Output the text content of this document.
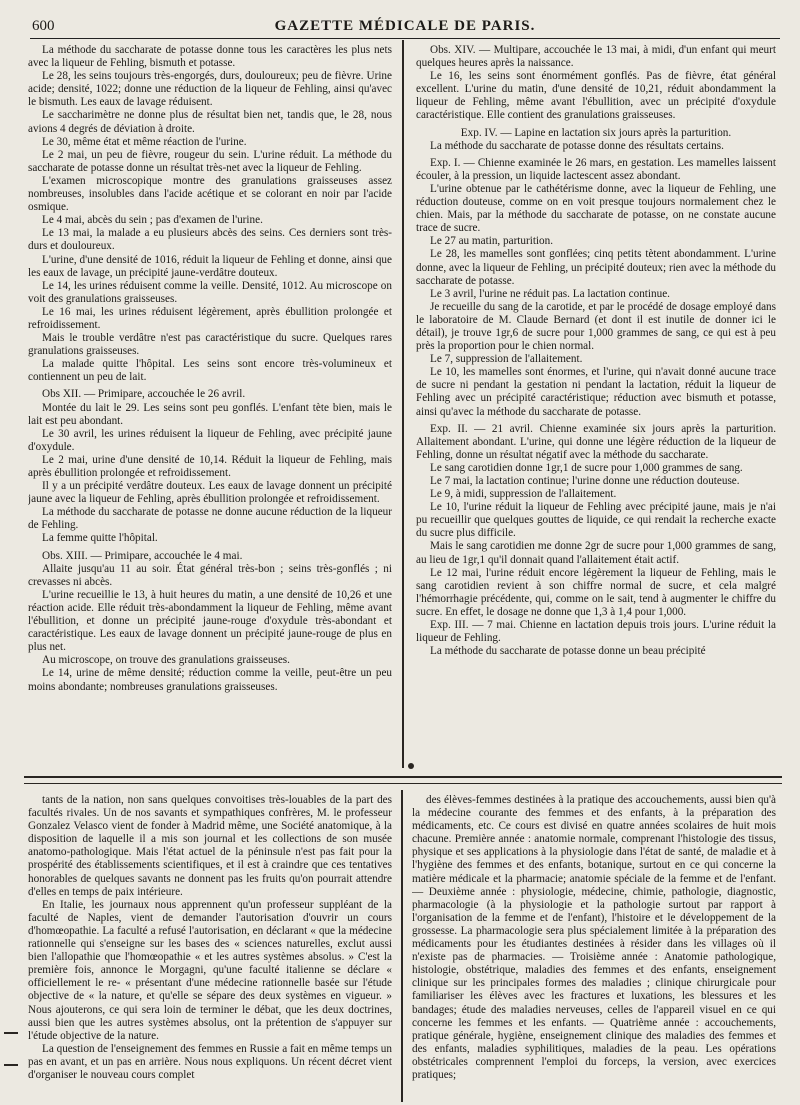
600	GAZETTE MÉDICALE DE PARIS.

La méthode du saccharate de potasse donne tous les caractères les plus nets avec la liqueur de Fehling, bismuth et potasse.

Le 28, les seins toujours très-engorgés, durs, douloureux; peu de fièvre. Urine acide; densité, 1022; donne une réduction de la liqueur de Fehling, ainsi qu'avec le bismuth. Les eaux de lavage réduisent.

Le saccharimètre ne donne plus de résultat bien net, tandis que, le 28, nous avions 4 degrés de déviation à droite.

Le 30, même état et même réaction de l'urine.

Le 2 mai, un peu de fièvre, rougeur du sein. L'urine réduit. La méthode du saccharate de potasse donne un résultat très-net avec la liqueur de Fehling.

L'examen microscopique montre des granulations graisseuses assez nombreuses, insolubles dans l'acide acétique et se colorant en noir par l'acide osmique.

Le 4 mai, abcès du sein ; pas d'examen de l'urine.

Le 13 mai, la malade a eu plusieurs abcès des seins. Ces derniers sont très-durs et douloureux.

L'urine, d'une densité de 1016, réduit la liqueur de Fehling et donne, ainsi que les eaux de lavage, un précipité jaune-verdâtre douteux.

Le 14, les urines réduisent comme la veille. Densité, 1012. Au microscope on voit des granulations graisseuses.

Le 16 mai, les urines réduisent légèrement, après ébullition prolongée et refroidissement.

Mais le trouble verdâtre n'est pas caractéristique du sucre. Quelques rares granulations graisseuses.

La malade quitte l'hôpital. Les seins sont encore très-volumineux et contiennent un peu de lait.

Obs XII. — Primipare, accouchée le 26 avril.

Montée du lait le 29. Les seins sont peu gonflés. L'enfant tète bien, mais le lait est peu abondant.

Le 30 avril, les urines réduisent la liqueur de Fehling, avec précipité jaune d'oxydule.

Le 2 mai, urine d'une densité de 10,14. Réduit la liqueur de Fehling, mais après ébullition prolongée et refroidissement.

Il y a un précipité verdâtre douteux. Les eaux de lavage donnent un précipité jaune avec la liqueur de Fehling, après ébullition prolongée et refroidissement.

La méthode du saccharate de potasse ne donne aucune réduction de la liqueur de Fehling.

La femme quitte l'hôpital.

Obs. XIII. — Primipare, accouchée le 4 mai.

Allaite jusqu'au 11 au soir. État général très-bon ; seins très-gonflés ; ni crevasses ni abcès.

L'urine recueillie le 13, à huit heures du matin, a une densité de 10,26 et une réaction acide. Elle réduit très-abondamment la liqueur de Fehling, même avant l'ébullition, et donne un précipité jaune-rouge d'oxydule très-abondant et caractéristique. Les eaux de lavage donnent un précipité jaune-rouge de plus en plus net.

Au microscope, on trouve des granulations graisseuses.

Le 14, urine de même densité; réduction comme la veille, peut-être un peu moins abondante; nombreuses granulations graisseuses.

Obs. XIV. — Multipare, accouchée le 13 mai, à midi, d'un enfant qui meurt quelques heures après la naissance.

Le 16, les seins sont énormément gonflés. Pas de fièvre, état général excellent. L'urine du matin, d'une densité de 10,21, réduit abondamment la liqueur de Fehling, même avant l'ébullition, avec un précipité d'oxydule caractéristique. Elle contient des granulations graisseuses.

Exp. IV. — Lapine en lactation six jours après la parturition.

La méthode du saccharate de potasse donne des résultats certains.

Exp. I. — Chienne examinée le 26 mars, en gestation. Les mamelles laissent écouler, à la pression, un liquide lactescent assez abondant.

L'urine obtenue par le cathétérisme donne, avec la liqueur de Fehling, une réduction douteuse, comme on en voit presque toujours normalement chez le chien. Mais, par la méthode du saccharate de potasse, on ne constate aucune trace de sucre.

Le 27 au matin, parturition.

Le 28, les mamelles sont gonflées; cinq petits tètent abondamment. L'urine donne, avec la liqueur de Fehling, un précipité douteux; rien avec la méthode du saccharate de potasse.

Le 3 avril, l'urine ne réduit pas. La lactation continue.

Je recueille du sang de la carotide, et par le procédé de dosage employé dans le laboratoire de M. Claude Bernard (et dont il est inutile de donner ici le détail), je trouve 1gr,6 de sucre pour 1,000 grammes de sang, ce qui est à peu près la proportion pour le chien normal.

Le 7, suppression de l'allaitement.

Le 10, les mamelles sont énormes, et l'urine, qui n'avait donné aucune trace de sucre ni pendant la gestation ni pendant la lactation, réduit la liqueur de Fehling avec un précipité caractéristique; réduction avec bismuth et potasse, ainsi qu'avec la méthode du saccharate de potasse.

Exp. II. — 21 avril. Chienne examinée six jours après la parturition. Allaitement abondant. L'urine, qui donne une légère réduction de la liqueur de Fehling, donne un résultat négatif avec la méthode du saccharate.

Le sang carotidien donne 1gr,1 de sucre pour 1,000 grammes de sang.

Le 7 mai, la lactation continue; l'urine donne une réduction douteuse.

Le 9, à midi, suppression de l'allaitement.

Le 10, l'urine réduit la liqueur de Fehling avec précipité jaune, mais je n'ai pu recueillir que quelques gouttes de liquide, ce qui rendait la recherche exacte du sucre plus difficile.

Mais le sang carotidien me donne 2gr de sucre pour 1,000 grammes de sang, au lieu de 1gr,1 qu'il donnait quand l'allaitement était actif.

Le 12 mai, l'urine réduit encore légèrement la liqueur de Fehling, mais le sang carotidien revient à son chiffre normal de sucre, et cela malgré l'hémorrhagie précédente, qui, comme on le sait, tend à augmenter le chiffre du sucre. En effet, le dosage ne donne que 1,3 à 1,4 pour 1,000.

Exp. III. — 7 mai. Chienne en lactation depuis trois jours. L'urine réduit la liqueur de Fehling.

La méthode du saccharate de potasse donne un beau précipité

tants de la nation, non sans quelques convoitises très-louables de la part des facultés rivales. Un de nos savants et sympathiques confrères, M. le professeur Gonzalez Velasco vient de fonder à Madrid même, une Société anatomique, à la disposition de laquelle il a mis son journal et les collections de son musée anatomo-pathologique. Mais l'état actuel de la péninsule n'est pas fait pour la prospérité des établissements scientifiques, et il est à craindre que ces tentatives honorables de quelques savants ne donnent pas les fruits qu'on pourrait attendre d'elles en temps de paix intérieure.

En Italie, les journaux nous apprennent qu'un professeur suppléant de la faculté de Naples, vient de demander l'autorisation d'ouvrir un cours d'homœopathie. La faculté a refusé l'autorisation, en déclarant « que la médecine rationnelle qui s'enseigne sur les bases des « sciences naturelles, exclut aussi bien l'allopathie que l'homœopathie « et les autres systèmes absolus. » C'est la première fois, annonce le Morgagni, qu'une faculté italienne se déclare « officiellement le re- « présentant d'une médecine rationnelle basée sur l'étude objective de « la nature, et qu'elle se sépare des deux systèmes en vigueur. » Nous ajouterons, ce qui sera loin de terminer le débat, que les deux doctrines, aussi bien que les autres systèmes absolus, ont la prétention de s'appuyer sur l'étude objective de la nature.

La question de l'enseignement des femmes en Russie a fait en même temps un pas en avant, et un pas en arrière. Nous nous expliquons. Un récent décret vient d'organiser le nouveau cours complet

des élèves-femmes destinées à la pratique des accouchements, aussi bien qu'à la médecine courante des femmes et des enfants, à la préparation des médicaments, etc. Ce cours est divisé en quatre années scolaires de huit mois chacune. Première année : anatomie normale, comprenant l'histologie des tissus, physique et ses applications à la physiologie dans l'état de santé, de maladie et à l'hygiène des femmes et des enfants, botanique, surtout en ce qui concerne la matière médicale et la pharmacie; anatomie spéciale de la femme et de l'enfant. — Deuxième année : physiologie, médecine, chimie, pathologie, diagnostic, pharmacologie (à la physiologie et la pathologie surtout par rapport à l'organisation de la femme et de l'enfant), l'histoire et le développement de la grossesse. La pharmacologie sera plus spécialement limitée à la préparation des médicaments pour les étudiantes destinées à résider dans les villages où il n'existe pas de pharmacies. — Troisième année : Anatomie pathologique, histologie, obstétrique, maladies des femmes et des enfants, enseignement clinique sur les principales formes des maladies ; clinique chirurgicale pour familiariser les élèves avec les fractures et luxations, les blessures et les bandages; étude des maladies nerveuses, celles de l'appareil visuel en ce qui concerne les femmes et les enfants. — Quatrième année : accouchements, pratique générale, hygiène, enseignement clinique des maladies des femmes et des enfants, maladies syphilitiques, maladies de la peau. Les opérations obstétricales comprennent l'emploi du forceps, la version, avec exercices pratiques;
